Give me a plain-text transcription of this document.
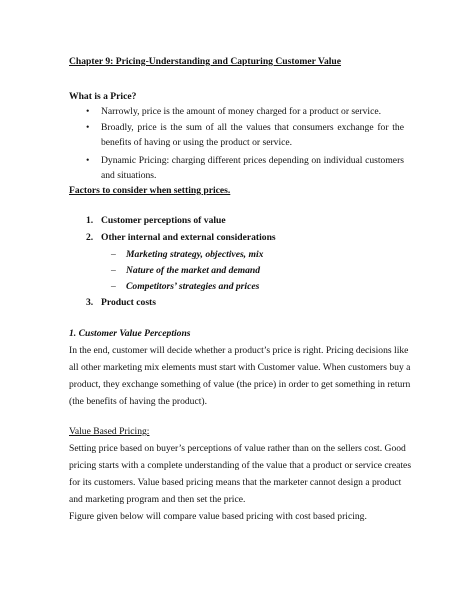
Chapter 9: Pricing-Understanding and Capturing Customer Value
What is a Price?
• Narrowly, price is the amount of money charged for a product or service.
• Broadly, price is the sum of all the values that consumers exchange for the
benefits of having or using the product or service.
• Dynamic Pricing: charging different prices depending on individual customers
and situations.
Factors to consider when setting prices.
1. Customer perceptions of value
2. Other internal and external considerations
– Marketing strategy, objectives, mix
– Nature of the market and demand
– Competitors’ strategies and prices
3. Product costs
1. Customer Value Perceptions
In the end, customer will decide whether a product’s price is right. Pricing decisions like
all other marketing mix elements must start with Customer value. When customers buy a
product, they exchange something of value (the price) in order to get something in return
(the benefits of having the product).
Value Based Pricing:
Setting price based on buyer’s perceptions of value rather than on the sellers cost. Good
pricing starts with a complete understanding of the value that a product or service creates
for its customers. Value based pricing means that the marketer cannot design a product
and marketing program and then set the price.
Figure given below will compare value based pricing with cost based pricing.
